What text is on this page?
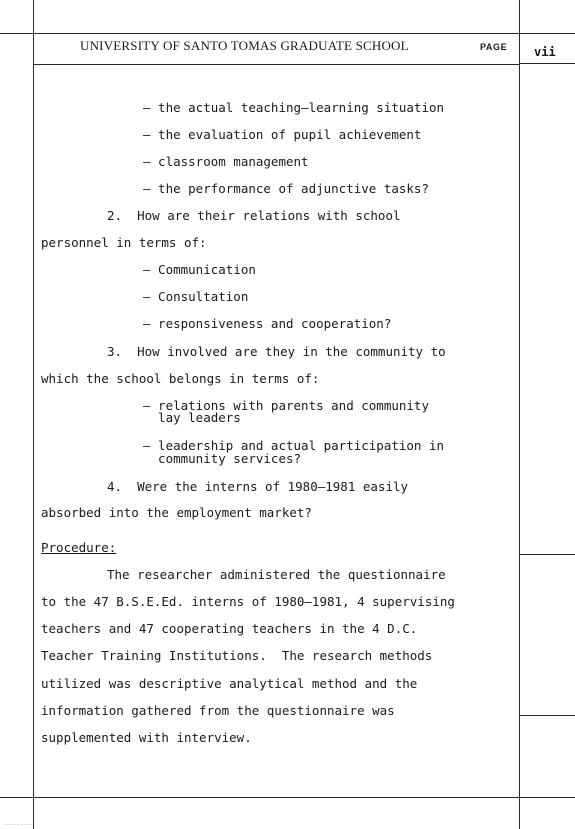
UNIVERSITY OF SANTO TOMAS GRADUATE SCHOOL	PAGE vii
– the actual teaching–learning situation
– the evaluation of pupil achievement
– classroom management
– the performance of adjunctive tasks?
2.  How are their relations with school
personnel in terms of:
– Communication
– Consultation
– responsiveness and cooperation?
3.  How involved are they in the community to
which the school belongs in terms of:
– relations with parents and community
lay leaders
– leadership and actual participation in
community services?
4.  Were the interns of 1980–1981 easily
absorbed into the employment market?
Procedure:
The researcher administered the questionnaire
to the 47 B.S.E.Ed. interns of 1980–1981, 4 supervising
teachers and 47 cooperating teachers in the 4 D.C.
Teacher Training Institutions.  The research methods
utilized was descriptive analytical method and the
information gathered from the questionnaire was
supplemented with interview.
.......................
